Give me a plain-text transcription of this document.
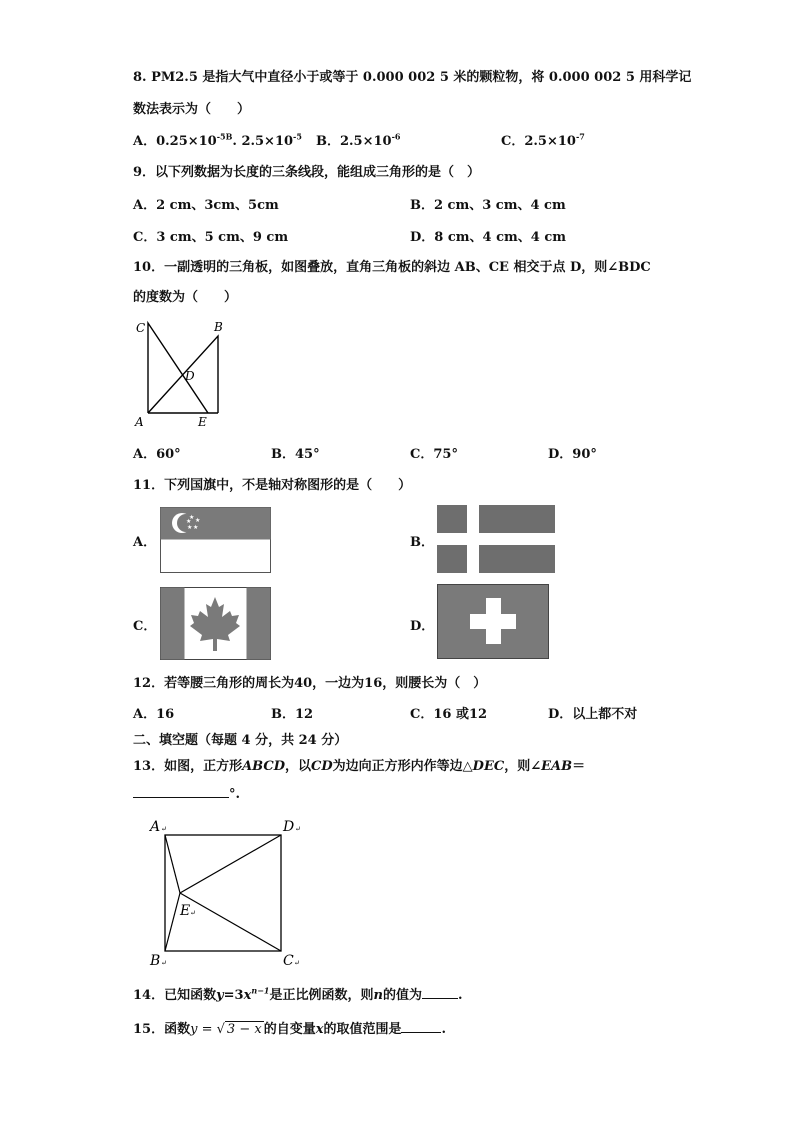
8. PM2.5 是指大气中直径小于或等于 0.000 002 5 米的颗粒物，将 0.000 002 5 用科学记
数法表示为（　　）
A．$0.25\times 10^{-5B}$. $2.5\times 10^{-5}$ B．$2.5\times 10^{-6}$	C．$2.5\times 10^{-7}$
9．以下列数据为长度的三条线段，能组成三角形的是（　）
A．2 cm、3cm、5cm	B．2 cm、3 cm、4 cm
C．3 cm、5 cm、9 cm	D．8 cm、4 cm、4 cm
10．一副透明的三角板，如图叠放，直角三角板的斜边 AB、CE 相交于点 D，则∠BDC
的度数为（　　）
C	B
D
A	E
A．60°	B．45°	C．75°	D．90°
11．下列国旗中，不是轴对称图形的是（　　）
A．
★ ★
★
★
★
B．
C．	D．
12．若等腰三角形的周长为40，一边为16，则腰长为（　）
A．16	B．12	C．16 或12	D．以上都不对
二、填空题（每题 4 分，共 24 分）
13．如图，正方形ABCD，以CD为边向正方形内作等边△DEC，则∠EAB＝
°.
A ↵	D ↵
E ↵
B ↵	C ↵
14．已知函数$y=3x^{n-1}$是正比例函数，则n的值为	.
15．函数y = √ 3 − x 的自变量x的取值范围是	.
